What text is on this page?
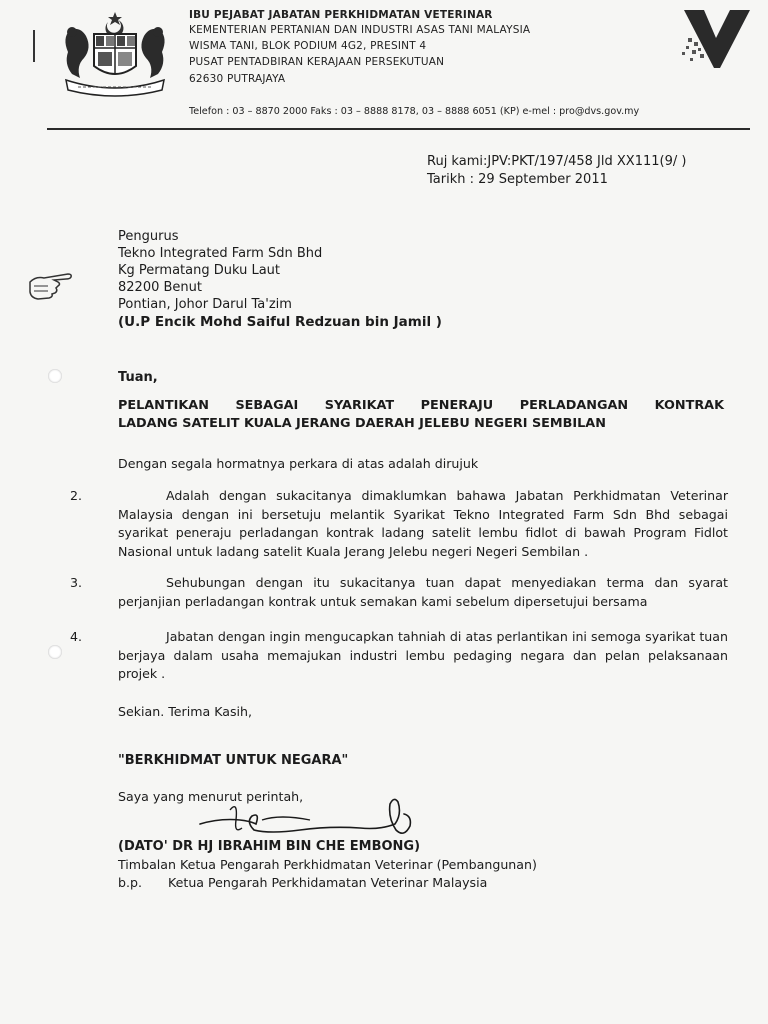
IBU PEJABAT JABATAN PERKHIDMATAN VETERINAR
KEMENTERIAN PERTANIAN DAN INDUSTRI ASAS TANI MALAYSIA
WISMA TANI, BLOK PODIUM 4G2, PRESINT 4
PUSAT PENTADBIRAN KERAJAAN PERSEKUTUAN
62630 PUTRAJAYA
Telefon : 03 – 8870 2000 Faks : 03 – 8888 8178, 03 – 8888 6051 (KP) e-mel : pro@dvs.gov.my
Ruj kami:JPV:PKT/197/458 Jld XX111(9/ )
Tarikh : 29 September 2011
Pengurus
Tekno Integrated Farm Sdn Bhd
Kg Permatang Duku Laut
82200 Benut
Pontian, Johor Darul Ta'zim
(U.P Encik Mohd Saiful Redzuan bin Jamil )
Tuan,
PELANTIKAN SEBAGAI SYARIKAT PENERAJU PERLADANGAN KONTRAK
LADANG SATELIT KUALA JERANG DAERAH JELEBU NEGERI SEMBILAN
Dengan segala hormatnya perkara di atas adalah dirujuk
2.	Adalah dengan sukacitanya dimaklumkan bahawa Jabatan Perkhidmatan Veterinar Malaysia dengan ini bersetuju melantik Syarikat Tekno Integrated Farm Sdn Bhd sebagai syarikat peneraju perladangan kontrak ladang satelit lembu fidlot di bawah Program Fidlot Nasional untuk ladang satelit Kuala Jerang Jelebu negeri Negeri Sembilan .
3.	Sehubungan dengan itu sukacitanya tuan dapat menyediakan terma dan syarat perjanjian perladangan kontrak untuk semakan kami sebelum dipersetujui bersama
4.	Jabatan dengan ingin mengucapkan tahniah di atas perlantikan ini semoga syarikat tuan berjaya dalam usaha memajukan industri lembu pedaging negara dan pelan pelaksanaan projek .
Sekian. Terima Kasih,
"BERKHIDMAT UNTUK NEGARA"
Saya yang menurut perintah,
(DATO' DR HJ IBRAHIM BIN CHE EMBONG)
Timbalan Ketua Pengarah Perkhidmatan Veterinar (Pembangunan)
b.p. Ketua Pengarah Perkhidamatan Veterinar Malaysia
